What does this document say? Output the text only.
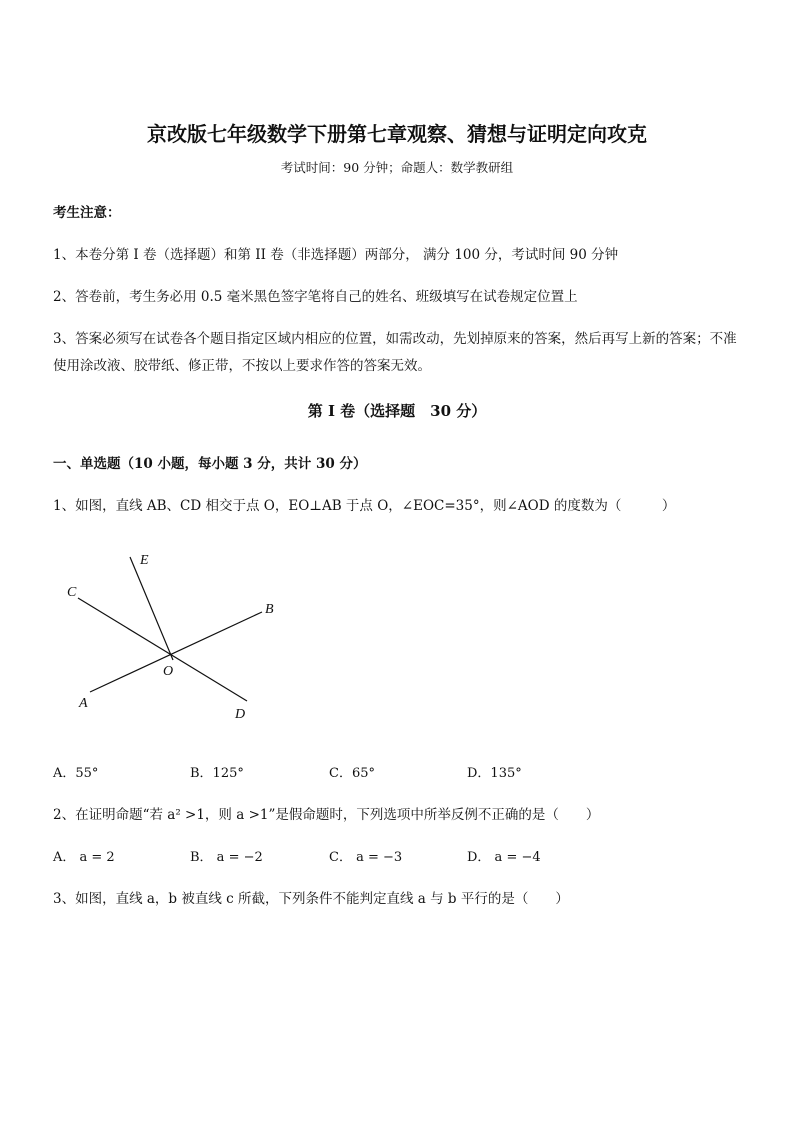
京改版七年级数学下册第七章观察、猜想与证明定向攻克
考试时间：90 分钟；命题人：数学教研组
考生注意：
1、本卷分第 I 卷（选择题）和第 II 卷（非选择题）两部分， 满分 100 分，考试时间 90 分钟
2、答卷前，考生务必用 0.5 毫米黑色签字笔将自己的姓名、班级填写在试卷规定位置上
3、答案必须写在试卷各个题目指定区域内相应的位置，如需改动，先划掉原来的答案，然后再写上新的答案；不准使用涂改液、胶带纸、修正带，不按以上要求作答的答案无效。
第 I 卷（选择题　30 分）
一、单选题（10 小题，每小题 3 分，共计 30 分）
1、如图，直线 AB、CD 相交于点 O，EO⊥AB 于点 O，∠EOC=35°，则∠AOD 的度数为（　　　）
E
C
B
O
A
D
A．55°	B．125°	C．65°	D．135°
2、在证明命题“若 a² >1，则 a >1”是假命题时，下列选项中所举反例不正确的是（　　）
A． a = 2	B． a = −2	C． a = −3	D． a = −4
3、如图，直线 a，b 被直线 c 所截，下列条件不能判定直线 a 与 b 平行的是（　　）
